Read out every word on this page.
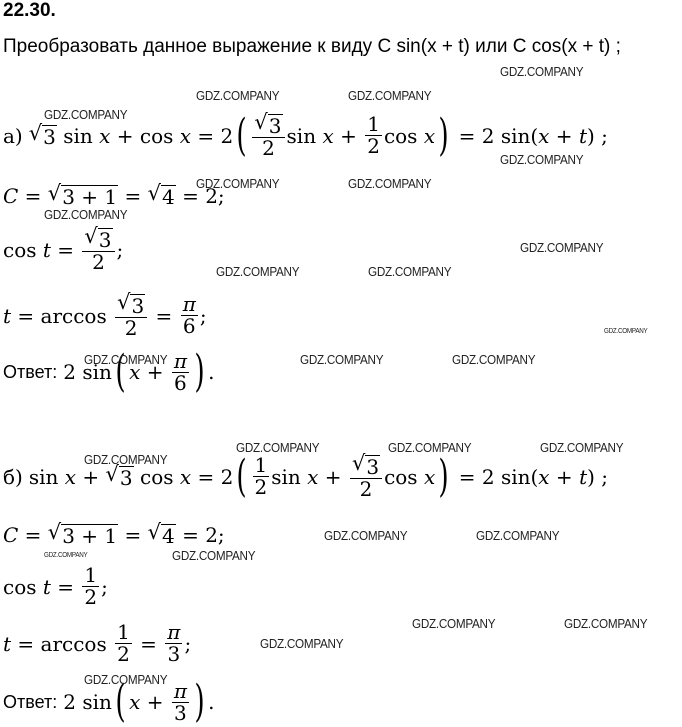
22.30.
Преобразовать данное выражение к виду C sin(x + t) или C cos(x + t) ;
а) √ 3 sin x + cos x = 2 ( $\frac{√ 3}{2}$ $\sin x + \frac{1}{2}$ cos x ) = 2 sin( x + t ) ;
C = √ 3 + 1 = √ 4 = 2;
$\cos t = \frac{√ 3}{2}$ ;
$t = \arccos \frac{√ 3}{2} = \frac{\pi}{6}$ ;
Ответ: 2 sin ( $x + \frac{\pi}{6}$ ) .
б) sin x + √ 3 cos x = 2 ( $\frac{1}{2}$ $\sin x + \frac{√ 3}{2}$ cos x ) = 2 sin( x + t ) ;
C = √ 3 + 1 = √ 4 = 2;
$\cos t = \frac{1}{2}$ ;
$t = \arccos \frac{1}{2} = \frac{\pi}{3}$ ;
Ответ: 2 sin ( $x + \frac{\pi}{3}$ ) .
GDZ.COMPANY
GDZ.COMPANY	GDZ.COMPANY
GDZ.COMPANY
GDZ.COMPANY
GDZ.COMPANY	GDZ.COMPANY
GDZ.COMPANY
GDZ.COMPANY
GDZ.COMPANY	GDZ.COMPANY
GDZ.COMPANY
GDZ.COMPANY	GDZ.COMPANY	GDZ.COMPANY
GDZ.COMPANY	GDZ.COMPANY	GDZ.COMPANY
GDZ.COMPANY
GDZ.COMPANY	GDZ.COMPANY
GDZ.COMPANY	GDZ.COMPANY
GDZ.COMPANY	GDZ.COMPANY
GDZ.COMPANY
GDZ.COMPANY
